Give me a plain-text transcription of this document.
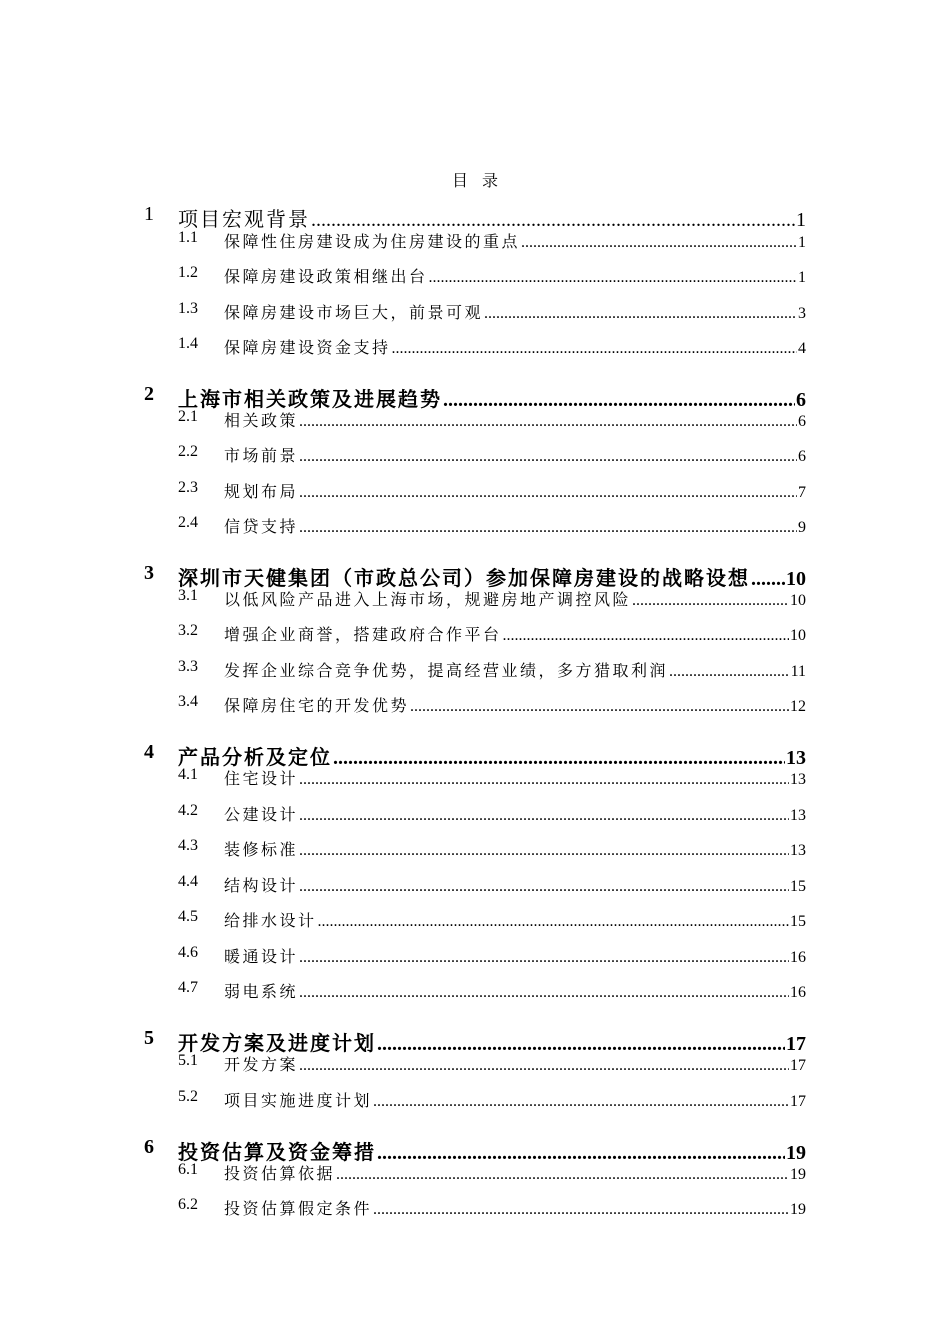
目录
1 项目宏观背景 .....	1
1.1 保障性住房建设成为住房建设的重点 .....	1
1.2 保障房建设政策相继出台 .....	1
1.3 保障房建设市场巨大，前景可观 .....	3
1.4 保障房建设资金支持 .....	4
2 上海市相关政策及进展趋势 .....	6
2.1 相关政策 .....	6
2.2 市场前景 .....	6
2.3 规划布局 .....	7
2.4 信贷支持 .....	9
3 深圳市天健集团（市政总公司）参加保障房建设的战略设想 ..... 10
3.1 以低风险产品进入上海市场，规避房地产调控风险 .....	10
3.2 增强企业商誉，搭建政府合作平台 .....	10
3.3 发挥企业综合竞争优势，提高经营业绩，多方猎取利润 .....	11
3.4 保障房住宅的开发优势 .....	12
4 产品分析及定位 .....	13
4.1 住宅设计 .....	13
4.2 公建设计 .....	13
4.3 装修标准 .....	13
4.4 结构设计 .....	15
4.5 给排水设计 .....	15
4.6 暖通设计 .....	16
4.7 弱电系统 .....	16
5 开发方案及进度计划 .....	17
5.1 开发方案 .....	17
5.2 项目实施进度计划 .....	17
6 投资估算及资金筹措 .....	19
6.1 投资估算依据 .....	19
6.2 投资估算假定条件 .....	19
